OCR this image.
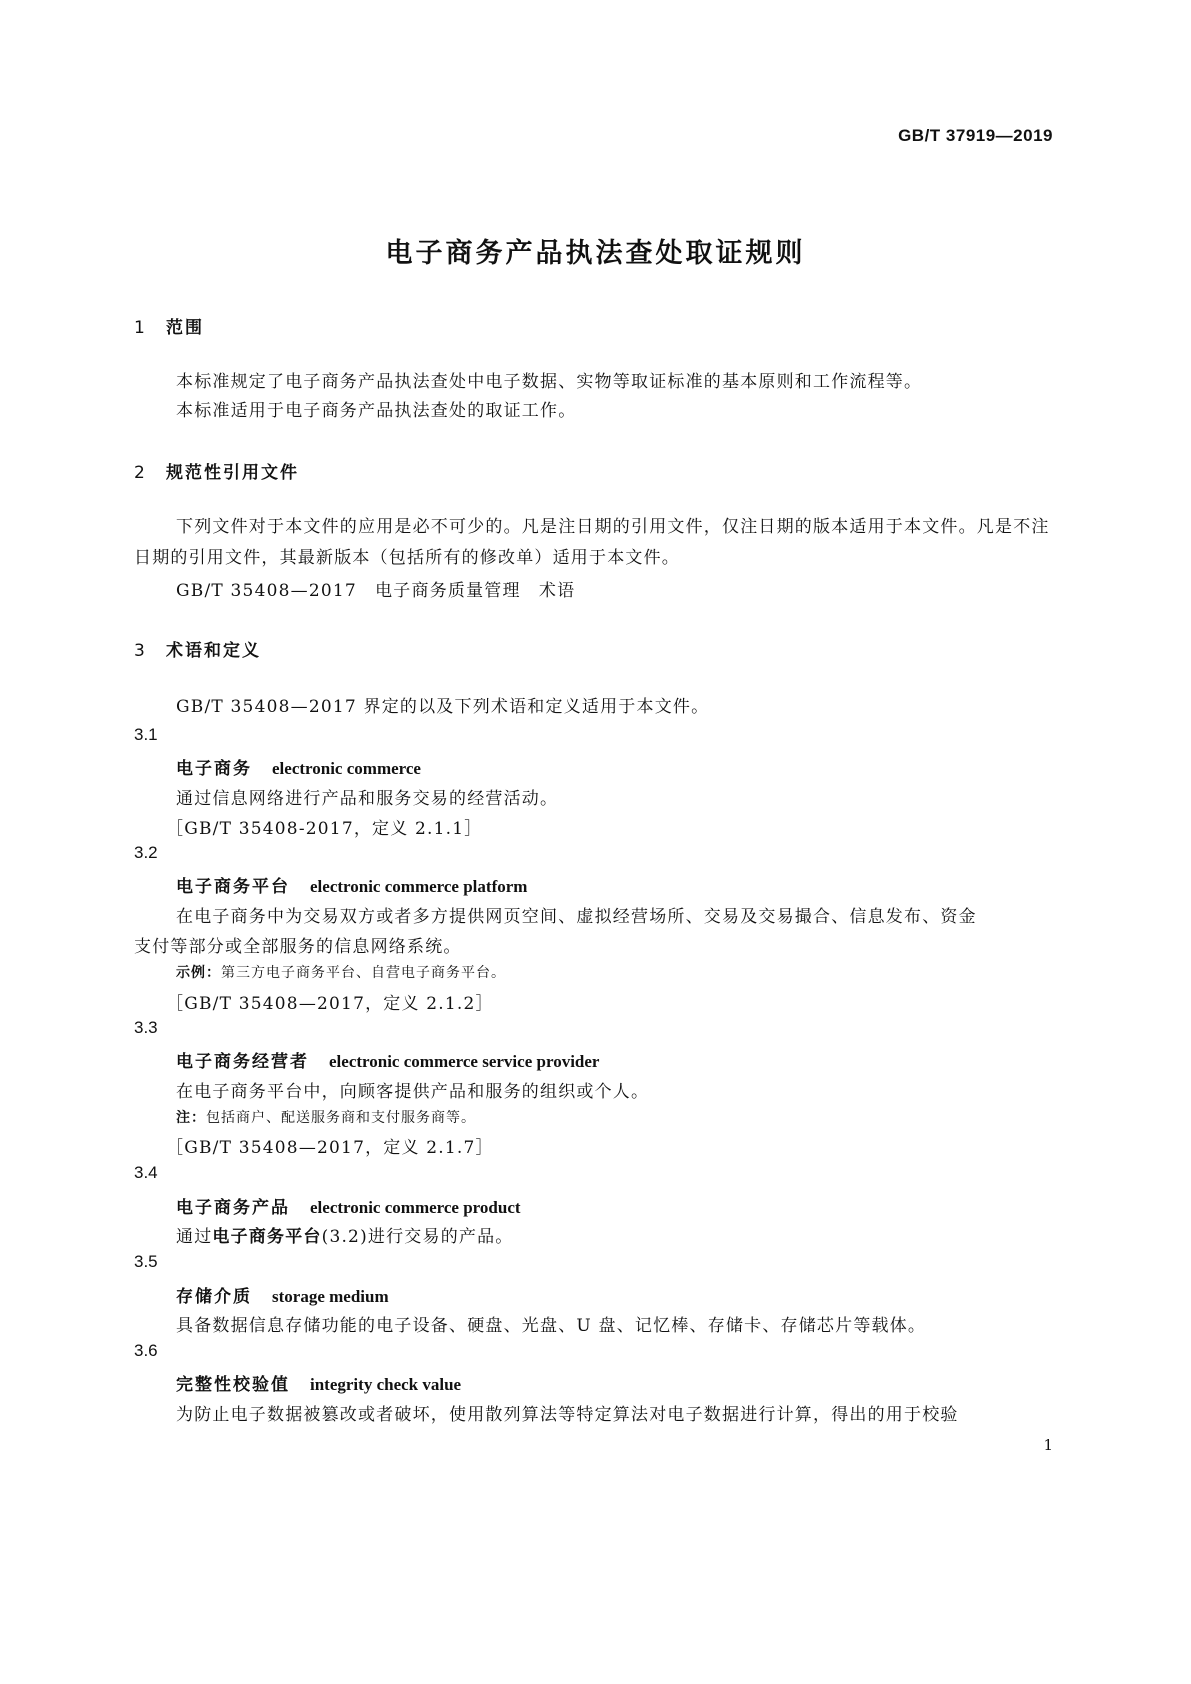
GB/T 37919—2019
电子商务产品执法查处取证规则
1 范围
本标准规定了电子商务产品执法查处中电子数据、实物等取证标准的基本原则和工作流程等。
本标准适用于电子商务产品执法查处的取证工作。
2 规范性引用文件
下列文件对于本文件的应用是必不可少的。凡是注日期的引用文件，仅注日期的版本适用于本文件。凡是不注日期的引用文件，其最新版本（包括所有的修改单）适用于本文件。
GB/T 35408—2017　 电子商务质量管理　术语
3 术语和定义
GB/T 35408—2017 界定的以及下列术语和定义适用于本文件。
3.1
电子商务 electronic commerce
通过信息网络进行产品和服务交易的经营活动。
［GB/T 35408-2017，定义 2.1.1］
3.2
电子商务平台 electronic commerce platform
在电子商务中为交易双方或者多方提供网页空间、虚拟经营场所、交易及交易撮合、信息发布、资金
支付等部分或全部服务的信息网络系统。
示例：第三方电子商务平台、自营电子商务平台。
［GB/T 35408—2017，定义 2.1.2］
3.3
电子商务经营者 electronic commerce service provider
在电子商务平台中，向顾客提供产品和服务的组织或个人。
注：包括商户、配送服务商和支付服务商等。
［GB/T 35408—2017，定义 2.1.7］
3.4
电子商务产品 electronic commerce product
通过电子商务平台(3.2)进行交易的产品。
3.5
存储介质 storage medium
具备数据信息存储功能的电子设备、硬盘、光盘、U 盘、记忆棒、存储卡、存储芯片等载体。
3.6
完整性校验值 integrity check value
为防止电子数据被篡改或者破坏，使用散列算法等特定算法对电子数据进行计算，得出的用于校验
1
